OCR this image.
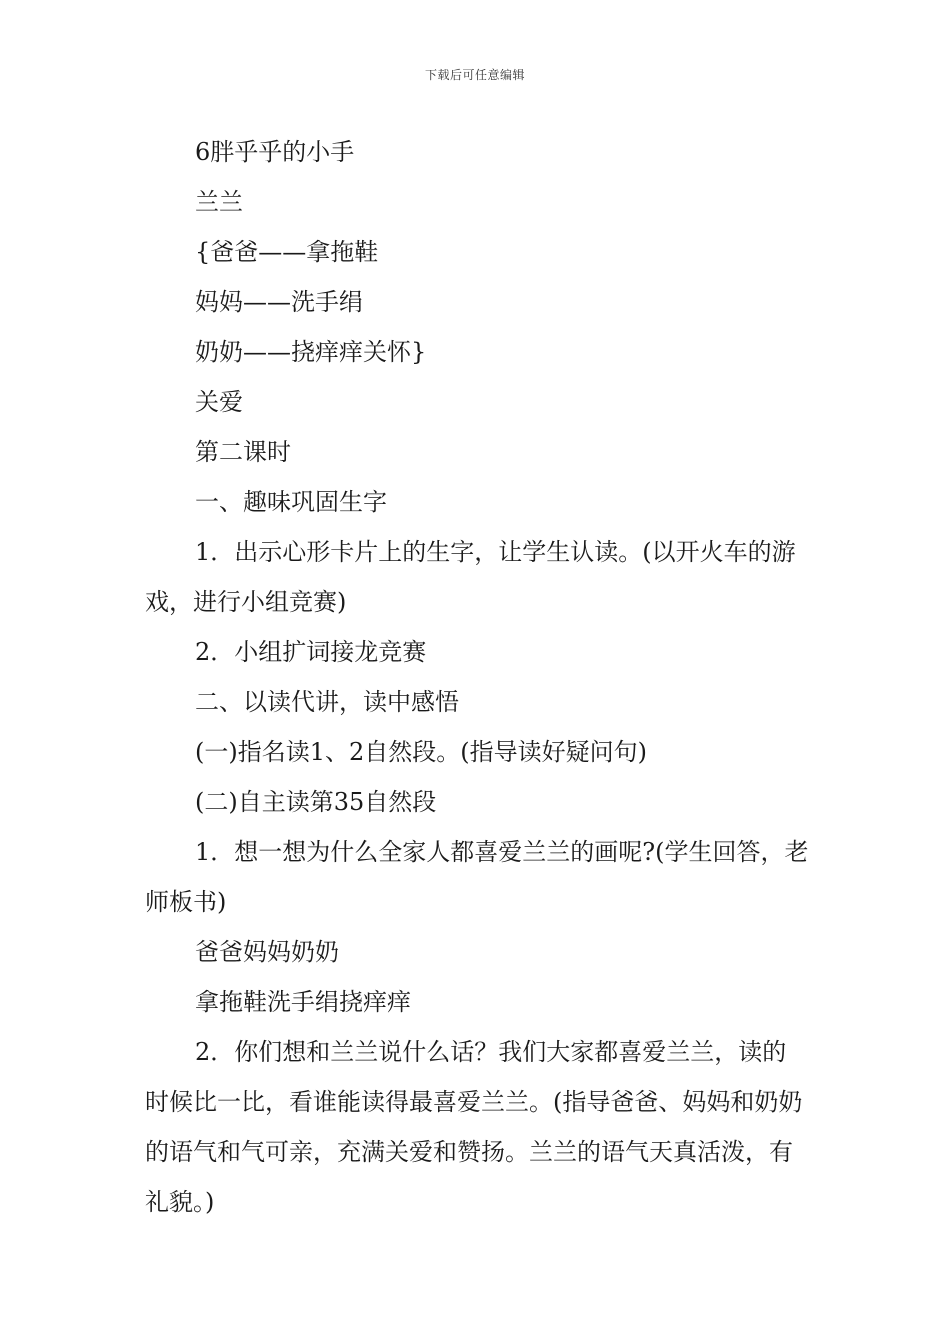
下载后可任意编辑

6胖乎乎的小手

兰兰

{爸爸——拿拖鞋

妈妈——洗手绢

奶奶——挠痒痒关怀}

关爱

第二课时

一、趣味巩固生字

1．出示心形卡片上的生字，让学生认读。(以开火车的游戏，进行小组竞赛)

2．小组扩词接龙竞赛

二、以读代讲，读中感悟

(一)指名读1、2自然段。(指导读好疑问句)

(二)自主读第35自然段

1．想一想为什么全家人都喜爱兰兰的画呢?(学生回答，老师板书)

爸爸妈妈奶奶

拿拖鞋洗手绢挠痒痒

2．你们想和兰兰说什么话？我们大家都喜爱兰兰，读的时候比一比，看谁能读得最喜爱兰兰。(指导爸爸、妈妈和奶奶的语气和气可亲，充满关爱和赞扬。兰兰的语气天真活泼，有礼貌。)
